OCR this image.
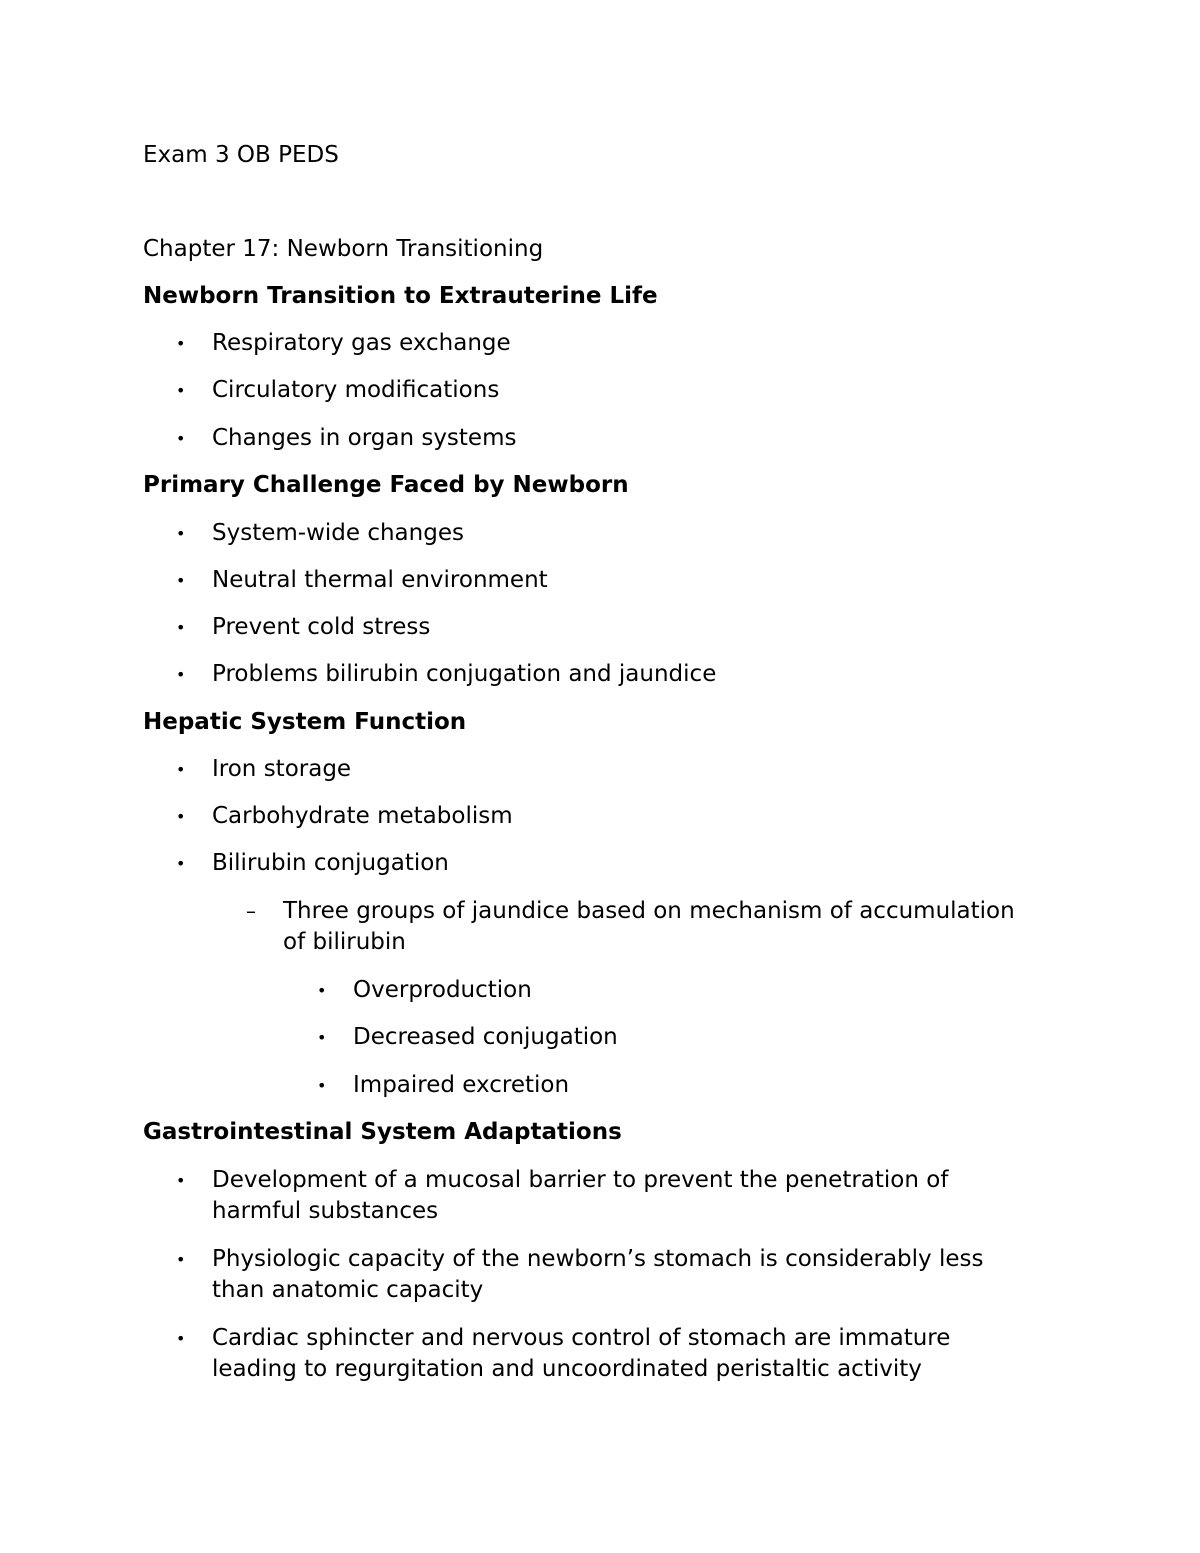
Exam 3 OB PEDS
Chapter 17: Newborn Transitioning
Newborn Transition to Extrauterine Life
• Respiratory gas exchange
• Circulatory modifications
• Changes in organ systems
Primary Challenge Faced by Newborn
• System-wide changes
• Neutral thermal environment
• Prevent cold stress
• Problems bilirubin conjugation and jaundice
Hepatic System Function
• Iron storage
• Carbohydrate metabolism
• Bilirubin conjugation
– Three groups of jaundice based on mechanism of accumulation
of bilirubin
• Overproduction
• Decreased conjugation
• Impaired excretion
Gastrointestinal System Adaptations
• Development of a mucosal barrier to prevent the penetration of
harmful substances
• Physiologic capacity of the newborn’s stomach is considerably less
than anatomic capacity
• Cardiac sphincter and nervous control of stomach are immature
leading to regurgitation and uncoordinated peristaltic activity
